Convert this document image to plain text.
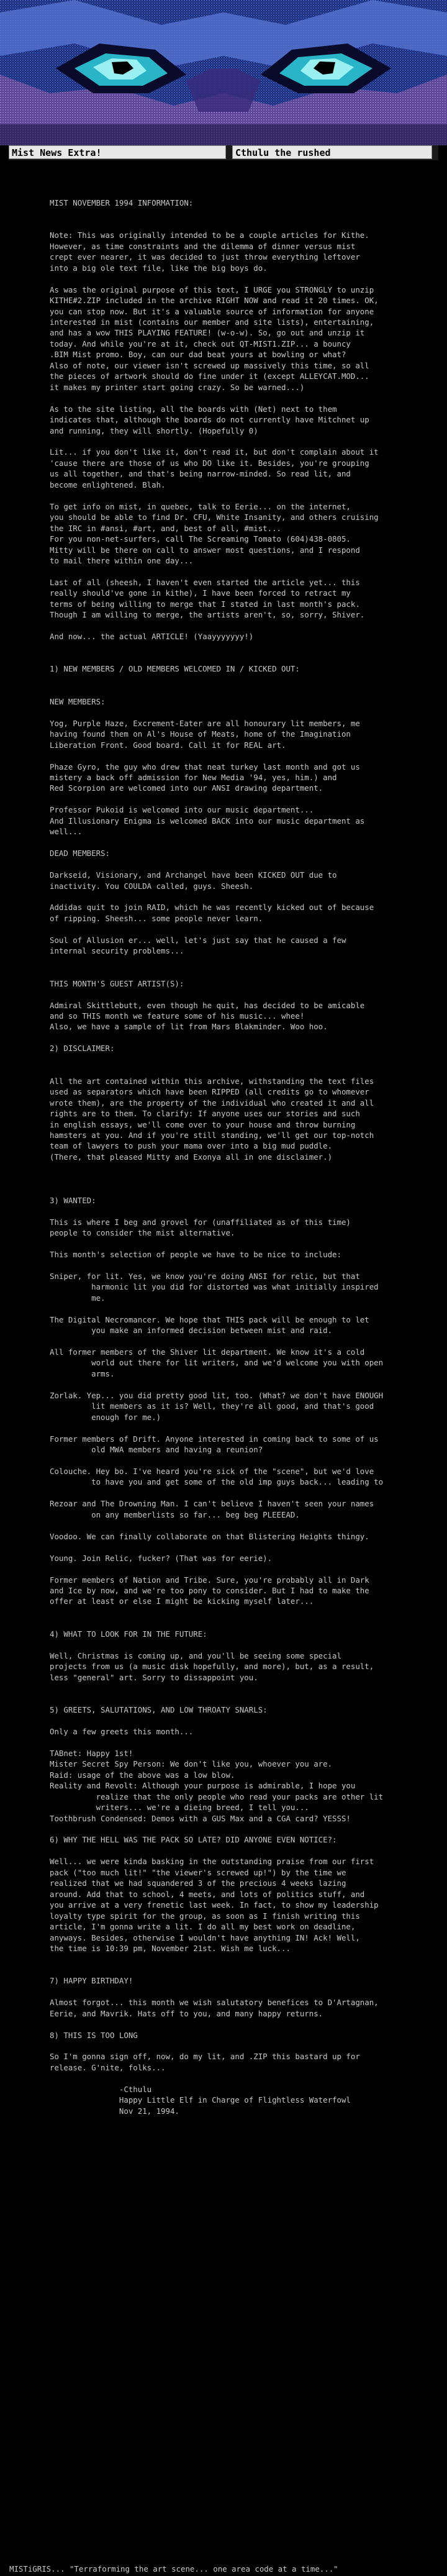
Mist News Extra!	Cthulu the rushed
MIST NOVEMBER 1994 INFORMATION:

Note: This was originally intended to be a couple articles for Kithe.
However, as time constraints and the dilemma of dinner versus mist
crept ever nearer, it was decided to just throw everything leftover
into a big ole text file, like the big boys do.

As was the original purpose of this text, I URGE you STRONGLY to unzip
KITHE#2.ZIP included in the archive RIGHT NOW and read it 20 times. OK,
you can stop now. But it's a valuable source of information for anyone
interested in mist (contains our member and site lists), entertaining,
and has a wow THIS PLAYING FEATURE! (w-o-w). So, go out and unzip it
today. And while you're at it, check out QT-MIST1.ZIP... a bouncy
.BIM Mist promo. Boy, can our dad beat yours at bowling or what?
Also of note, our viewer isn't screwed up massively this time, so all
the pieces of artwork should do fine under it (except ALLEYCAT.MOD...
it makes my printer start going crazy. So be warned...)

As to the site listing, all the boards with (Net) next to them
indicates that, although the boards do not currently have Mitchnet up
and running, they will shortly. (Hopefully 0)

Lit... if you don't like it, don't read it, but don't complain about it
'cause there are those of us who DO like it. Besides, you're grouping
us all together, and that's being narrow-minded. So read lit, and
become enlightened. Blah.

To get info on mist, in quebec, talk to Eerie... on the internet,
you should be able to find Dr. CFU, White Insanity, and others cruising
the IRC in #ansi, #art, and, best of all, #mist...
For you non-net-surfers, call The Screaming Tomato (604)438-0805.
Mitty will be there on call to answer most questions, and I respond
to mail there within one day...

Last of all (sheesh, I haven't even started the article yet... this
really should've gone in kithe), I have been forced to retract my
terms of being willing to merge that I stated in last month's pack.
Though I am willing to merge, the artists aren't, so, sorry, Shiver.

And now... the actual ARTICLE! (Yaayyyyyyy!)

1) NEW MEMBERS / OLD MEMBERS WELCOMED IN / KICKED OUT:

NEW MEMBERS:

Yog, Purple Haze, Excrement-Eater are all honourary lit members, me
having found them on Al's House of Meats, home of the Imagination
Liberation Front. Good board. Call it for REAL art.

Phaze Gyro, the guy who drew that neat turkey last month and got us
mistery a back off admission for New Media '94, yes, him.) and
Red Scorpion are welcomed into our ANSI drawing department.

Professor Pukoid is welcomed into our music department...
And Illusionary Enigma is welcomed BACK into our music department as
well...

DEAD MEMBERS:

Darkseid, Visionary, and Archangel have been KICKED OUT due to
inactivity. You COULDA called, guys. Sheesh.

Addidas quit to join RAID, which he was recently kicked out of because
of ripping. Sheesh... some people never learn.

Soul of Allusion er... well, let's just say that he caused a few
internal security problems...

THIS MONTH'S GUEST ARTIST(S):

Admiral Skittlebutt, even though he quit, has decided to be amicable
and so THIS month we feature some of his music... whee!
Also, we have a sample of lit from Mars Blakminder. Woo hoo.

2) DISCLAIMER:

All the art contained within this archive, withstanding the text files
used as separators which have been RIPPED (all credits go to whomever
wrote them), are the property of the individual who created it and all
rights are to them. To clarify: If anyone uses our stories and such
in english essays, we'll come over to your house and throw burning
hamsters at you. And if you're still standing, we'll get our top-notch
team of lawyers to push your mama over into a big mud puddle.
(There, that pleased Mitty and Exonya all in one disclaimer.)

3) WANTED:

This is where I beg and grovel for (unaffiliated as of this time)
people to consider the mist alternative.

This month's selection of people we have to be nice to include:

Sniper, for lit. Yes, we know you're doing ANSI for relic, but that
harmonic lit you did for distorted was what initially inspired
me.

The Digital Necromancer. We hope that THIS pack will be enough to let
you make an informed decision between mist and raid.

All former members of the Shiver lit department. We know it's a cold
world out there for lit writers, and we'd welcome you with open
arms.

Zorlak. Yep... you did pretty good lit, too. (What? we don't have ENOUGH
lit members as it is? Well, they're all good, and that's good
enough for me.)

Former members of Drift. Anyone interested in coming back to some of us
old MWA members and having a reunion?

Colouche. Hey bo. I've heard you're sick of the "scene", but we'd love
to have you and get some of the old imp guys back... leading to

Rezoar and The Drowning Man. I can't believe I haven't seen your names
on any memberlists so far... beg beg PLEEEAD.

Voodoo. We can finally collaborate on that Blistering Heights thingy.

Young. Join Relic, fucker? (That was for eerie).

Former members of Nation and Tribe. Sure, you're probably all in Dark
and Ice by now, and we're too pony to consider. But I had to make the
offer at least or else I might be kicking myself later...

4) WHAT TO LOOK FOR IN THE FUTURE:

Well, Christmas is coming up, and you'll be seeing some special
projects from us (a music disk hopefully, and more), but, as a result,
less "general" art. Sorry to dissappoint you.

5) GREETS, SALUTATIONS, AND LOW THROATY SNARLS:

Only a few greets this month...

TABnet: Happy 1st!
Mister Secret Spy Person: We don't like you, whoever you are.
Raid: usage of the above was a low blow.
Reality and Revolt: Although your purpose is admirable, I hope you
realize that the only people who read your packs are other lit
writers... we're a dieing breed, I tell you...
Toothbrush Condensed: Demos with a GUS Max and a CGA card? YESSS!

6) WHY THE HELL WAS THE PACK SO LATE? DID ANYONE EVEN NOTICE?:

Well... we were kinda basking in the outstanding praise from our first
pack ("too much lit!" "the viewer's screwed up!") by the time we
realized that we had squandered 3 of the precious 4 weeks lazing
around. Add that to school, 4 meets, and lots of politics stuff, and
you arrive at a very frenetic last week. In fact, to show my leadership
loyalty type spirit for the group, as soon as I finish writing this
article, I'm gonna write a lit. I do all my best work on deadline,
anyways. Besides, otherwise I wouldn't have anything IN! Ack! Well,
the time is 10:39 pm, November 21st. Wish me luck...

7) HAPPY BIRTHDAY!

Almost forgot... this month we wish salutatory benefices to D'Artagnan,
Eerie, and Mavrik. Hats off to you, and many happy returns.

8) THIS IS TOO LONG

So I'm gonna sign off, now, do my lit, and .ZIP this bastard up for
release. G'nite, folks...

-Cthulu
Happy Little Elf in Charge of Flightless Waterfowl
Nov 21, 1994.
MISTiGRIS... "Terraforming the art scene... one area code at a time..."
